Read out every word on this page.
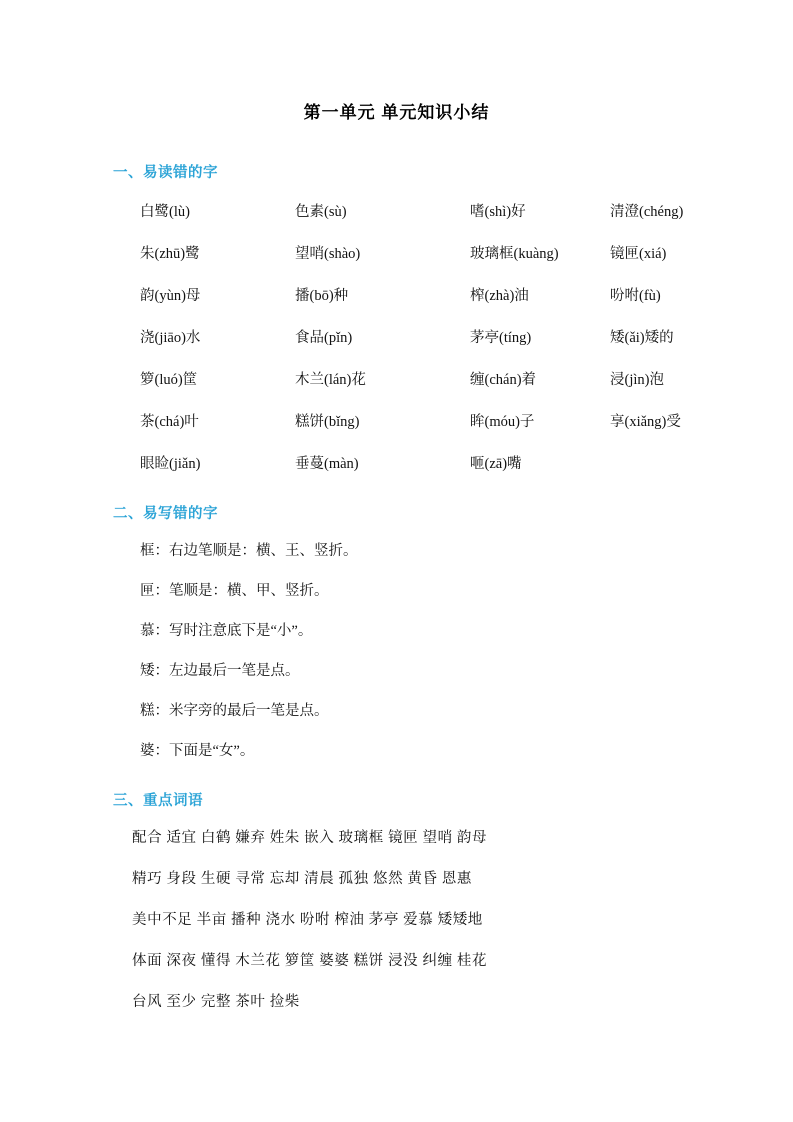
第一单元 单元知识小结
一、易读错的字
白鹭(lù)	色素(sù)	嗜(shì)好	清澄(chéng)
朱(zhū)鹭	望哨(shào)	玻璃框(kuàng)	镜匣(xiá)
韵(yùn)母	播(bō)种	榨(zhà)油	吩咐(fù)
浇(jiāo)水	食品(pǐn)	茅亭(tíng)	矮(ǎi)矮的
箩(luó)筐	木兰(lán)花	缠(chán)着	浸(jìn)泡
茶(chá)叶	糕饼(bǐng)	眸(móu)子	享(xiǎng)受
眼睑(jiǎn)	垂蔓(màn)	咂(zā)嘴
二、易写错的字
框：右边笔顺是：横、王、竖折。
匣：笔顺是：横、甲、竖折。
慕：写时注意底下是“小”。
矮：左边最后一笔是点。
糕：米字旁的最后一笔是点。
婆：下面是“女”。
三、重点词语
配合 适宜 白鹤 嫌弃 姓朱 嵌入 玻璃框 镜匣 望哨 韵母
精巧 身段 生硬 寻常 忘却 清晨 孤独 悠然 黄昏 恩惠
美中不足 半亩 播种 浇水 吩咐 榨油 茅亭 爱慕 矮矮地
体面 深夜 懂得 木兰花 箩筐 婆婆 糕饼 浸没 纠缠 桂花
台风 至少 完整 茶叶 捡柴
